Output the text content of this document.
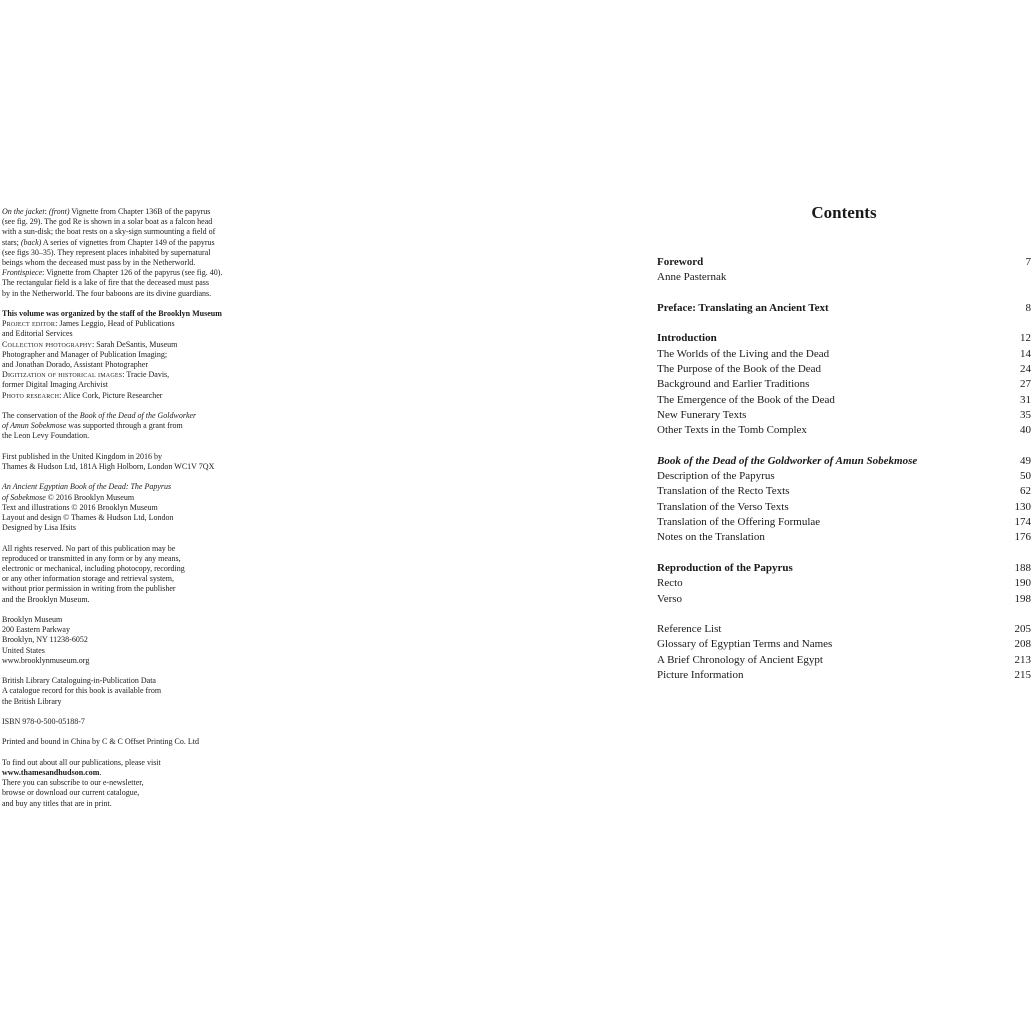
On the jacket: (front) Vignette from Chapter 136B of the papyrus
(see fig. 29). The god Re is shown in a solar boat as a falcon head
with a sun-disk; the boat rests on a sky-sign surmounting a field of
stars; (back) A series of vignettes from Chapter 149 of the papyrus
(see figs 30–35). They represent places inhabited by supernatural
beings whom the deceased must pass by in the Netherworld.
Frontispiece: Vignette from Chapter 126 of the papyrus (see fig. 40).
The rectangular field is a lake of fire that the deceased must pass
by in the Netherworld. The four baboons are its divine guardians.
This volume was organized by the staff of the Brooklyn Museum
Project editor: James Leggio, Head of Publications
and Editorial Services
Collection photography: Sarah DeSantis, Museum
Photographer and Manager of Publication Imaging;
and Jonathan Dorado, Assistant Photographer
Digitization of historical images: Tracie Davis,
former Digital Imaging Archivist
Photo research: Alice Cork, Picture Researcher
The conservation of the Book of the Dead of the Goldworker
of Amun Sobekmose was supported through a grant from
the Leon Levy Foundation.
First published in the United Kingdom in 2016 by
Thames & Hudson Ltd, 181A High Holborn, London WC1V 7QX
An Ancient Egyptian Book of the Dead: The Papyrus
of Sobekmose © 2016 Brooklyn Museum
Text and illustrations © 2016 Brooklyn Museum
Layout and design © Thames & Hudson Ltd, London
Designed by Lisa Ifsits
All rights reserved. No part of this publication may be
reproduced or transmitted in any form or by any means,
electronic or mechanical, including photocopy, recording
or any other information storage and retrieval system,
without prior permission in writing from the publisher
and the Brooklyn Museum.
Brooklyn Museum
200 Eastern Parkway
Brooklyn, NY 11238-6052
United States
www.brooklynmuseum.org
British Library Cataloguing-in-Publication Data
A catalogue record for this book is available from
the British Library
ISBN 978-0-500-05188-7
Printed and bound in China by C & C Offset Printing Co. Ltd
To find out about all our publications, please visit
www.thamesandhudson.com.
There you can subscribe to our e-newsletter,
browse or download our current catalogue,
and buy any titles that are in print.
Contents
Foreword	7
Anne Pasternak
Preface: Translating an Ancient Text	8
Introduction	12
The Worlds of the Living and the Dead	14
The Purpose of the Book of the Dead	24
Background and Earlier Traditions	27
The Emergence of the Book of the Dead	31
New Funerary Texts	35
Other Texts in the Tomb Complex	40
Book of the Dead of the Goldworker of Amun Sobekmose	49
Description of the Papyrus	50
Translation of the Recto Texts	62
Translation of the Verso Texts	130
Translation of the Offering Formulae	174
Notes on the Translation	176
Reproduction of the Papyrus	188
Recto	190
Verso	198
Reference List	205
Glossary of Egyptian Terms and Names	208
A Brief Chronology of Ancient Egypt	213
Picture Information	215
